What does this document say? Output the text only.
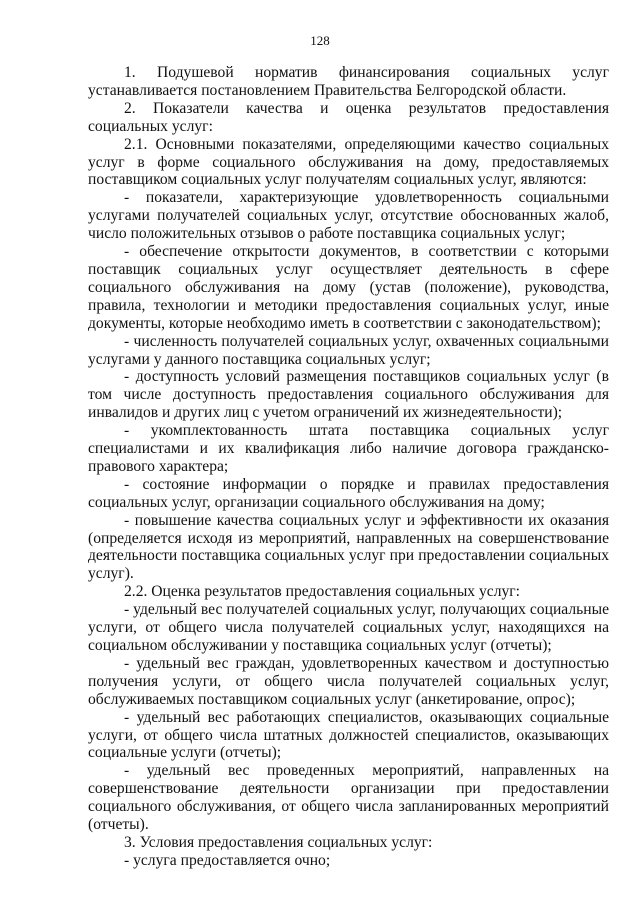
128

1. Подушевой норматив финансирования социальных услуг устанавливается постановлением Правительства Белгородской области.

2. Показатели качества и оценка результатов предоставления социальных услуг:

2.1. Основными показателями, определяющими качество социальных услуг в форме социального обслуживания на дому, предоставляемых поставщиком социальных услуг получателям социальных услуг, являются:

- показатели, характеризующие удовлетворенность социальными услугами получателей социальных услуг, отсутствие обоснованных жалоб, число положительных отзывов о работе поставщика социальных услуг;

- обеспечение открытости документов, в соответствии с которыми поставщик социальных услуг осуществляет деятельность в сфере социального обслуживания на дому (устав (положение), руководства, правила, технологии и методики предоставления социальных услуг, иные документы, которые необходимо иметь в соответствии с законодательством);

- численность получателей социальных услуг, охваченных социальными услугами у данного поставщика социальных услуг;

- доступность условий размещения поставщиков социальных услуг (в том числе доступность предоставления социального обслуживания для инвалидов и других лиц с учетом ограничений их жизнедеятельности);

- укомплектованность штата поставщика социальных услуг специалистами и их квалификация либо наличие договора гражданско-правового характера;

- состояние информации о порядке и правилах предоставления социальных услуг, организации социального обслуживания на дому;

- повышение качества социальных услуг и эффективности их оказания (определяется исходя из мероприятий, направленных на совершенствование деятельности поставщика социальных услуг при предоставлении социальных услуг).

2.2. Оценка результатов предоставления социальных услуг:

- удельный вес получателей социальных услуг, получающих социальные услуги, от общего числа получателей социальных услуг, находящихся на социальном обслуживании у поставщика социальных услуг (отчеты);

- удельный вес граждан, удовлетворенных качеством и доступностью получения услуги, от общего числа получателей социальных услуг, обслуживаемых поставщиком социальных услуг (анкетирование, опрос);

- удельный вес работающих специалистов, оказывающих социальные услуги, от общего числа штатных должностей специалистов, оказывающих социальные услуги (отчеты);

- удельный вес проведенных мероприятий, направленных на совершенствование деятельности организации при предоставлении социального обслуживания, от общего числа запланированных мероприятий (отчеты).

3. Условия предоставления социальных услуг:

- услуга предоставляется очно;
